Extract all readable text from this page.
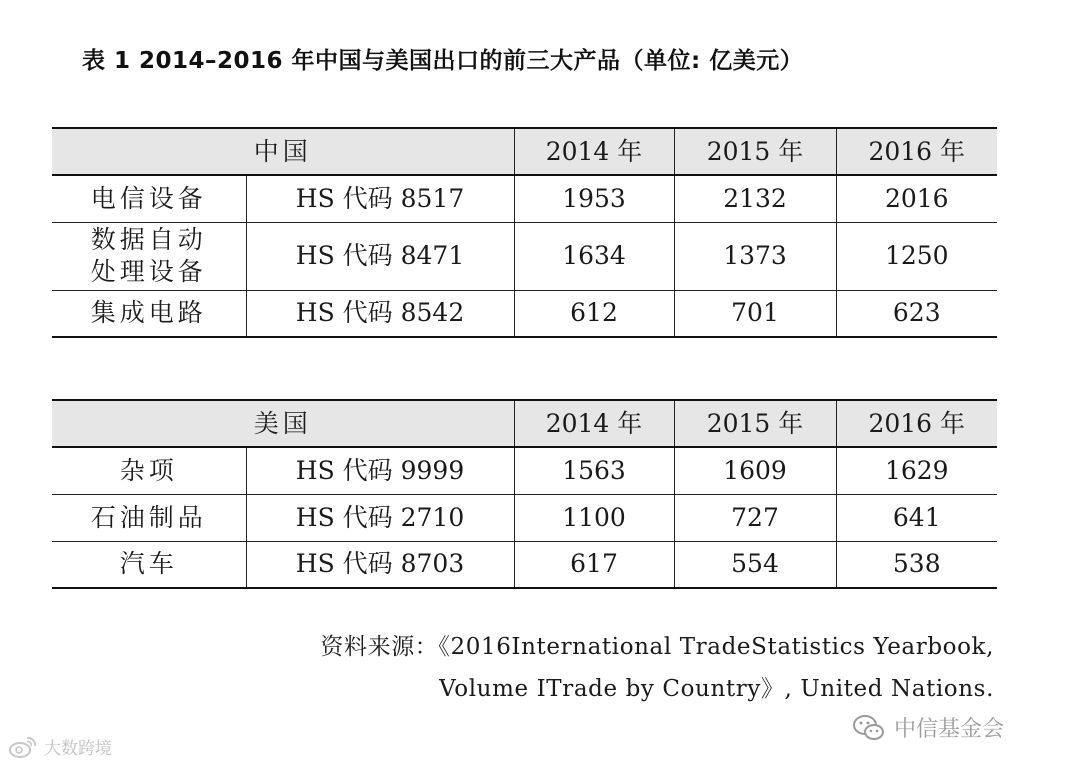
表 1 2014–2016 年中国与美国出口的前三大产品（单位: 亿美元）
中国		2014 年	2015 年	2016 年
电信设备	HS 代码 8517	1953	2132	2016

数据自动
处理设备	HS 代码 8471	1634	1373	1250
集成电路	HS 代码 8542	612	701	623
美国		2014 年	2015 年	2016 年
杂项	HS 代码 9999	1563	1609	1629
石油制品	HS 代码 2710	1100	727	641
汽车	HS 代码 8703	617	554	538
资料来源：《2016International TradeStatistics Yearbook,
Volume ITrade by Country》, United Nations.
大数跨境
中信基金会
